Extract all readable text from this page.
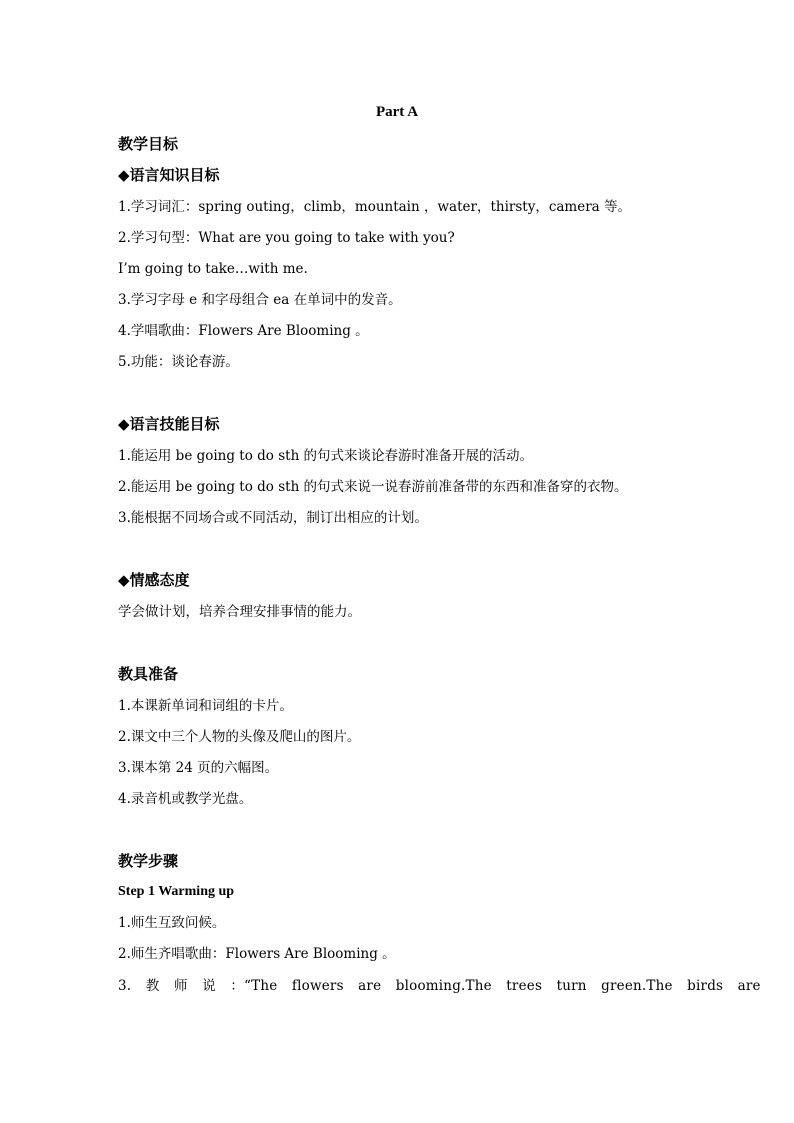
Part A
教学目标
◆语言知识目标
1.学习词汇：spring outing，climb，mountain ，water，thirsty，camera 等。
2.学习句型：What are you going to take with you?
I’m going to take…with me.
3.学习字母 e 和字母组合 ea 在单词中的发音。
4.学唱歌曲：Flowers Are Blooming 。
5.功能：谈论春游。
◆语言技能目标
1.能运用 be going to do sth 的句式来谈论春游时准备开展的活动。
2.能运用 be going to do sth 的句式来说一说春游前准备带的东西和准备穿的衣物。
3.能根据不同场合或不同活动，制订出相应的计划。
◆情感态度
学会做计划，培养合理安排事情的能力。
教具准备
1.本课新单词和词组的卡片。
2.课文中三个人物的头像及爬山的图片。
3.课本第 24 页的六幅图。
4.录音机或教学光盘。
教学步骤
Step 1 Warming up
1.师生互致问候。
2.师生齐唱歌曲：Flowers Are Blooming 。
3. 教 师 说 ：“The flowers are blooming.The trees turn green.The birds are
